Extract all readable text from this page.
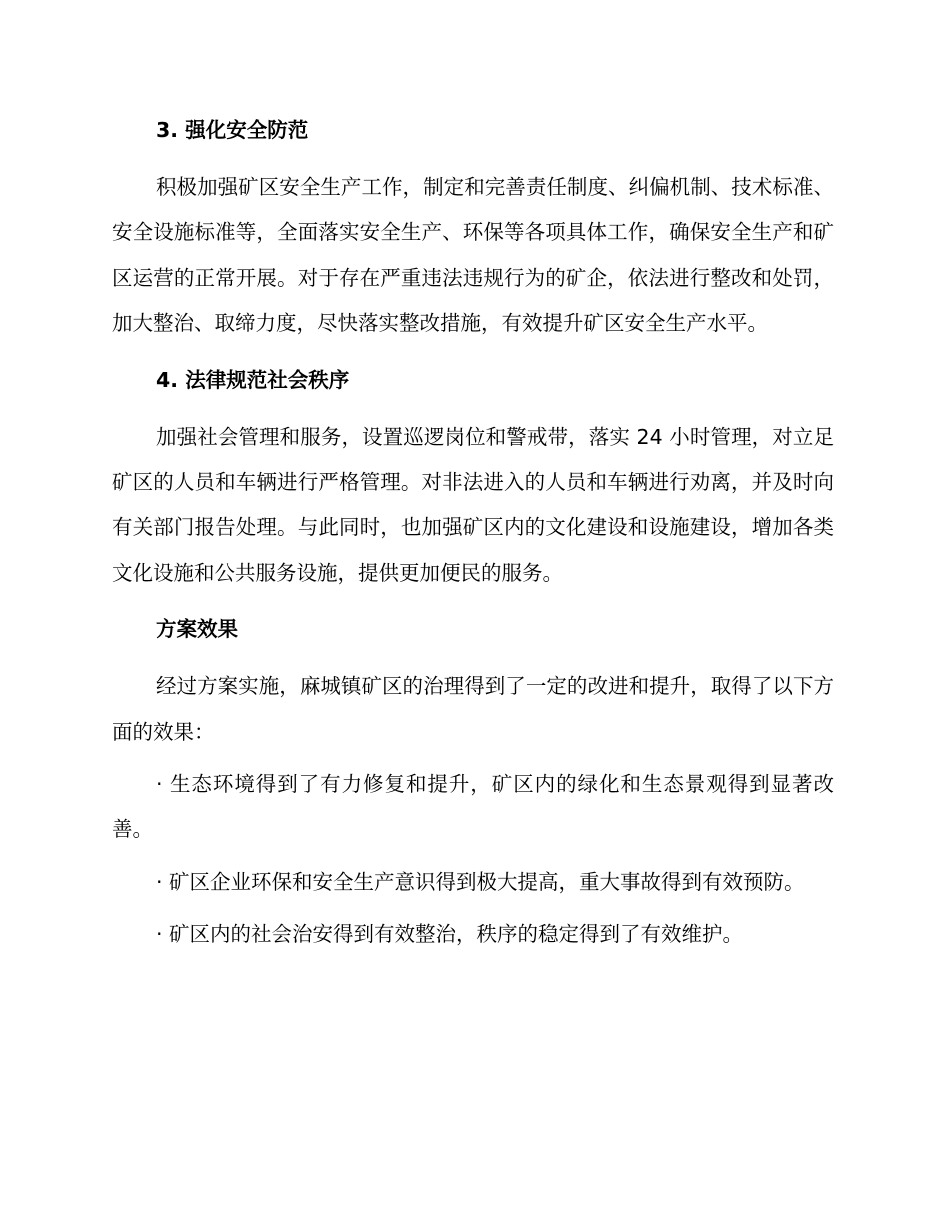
3. 强化安全防范

积极加强矿区安全生产工作，制定和完善责任制度、纠偏机制、技术标准、安全设施标准等，全面落实安全生产、环保等各项具体工作，确保安全生产和矿区运营的正常开展。对于存在严重违法违规行为的矿企，依法进行整改和处罚，加大整治、取缔力度，尽快落实整改措施，有效提升矿区安全生产水平。

4. 法律规范社会秩序

加强社会管理和服务，设置巡逻岗位和警戒带，落实 24 小时管理，对立足矿区的人员和车辆进行严格管理。对非法进入的人员和车辆进行劝离，并及时向有关部门报告处理。与此同时，也加强矿区内的文化建设和设施建设，增加各类文化设施和公共服务设施，提供更加便民的服务。

方案效果

经过方案实施，麻城镇矿区的治理得到了一定的改进和提升，取得了以下方面的效果：

· 生态环境得到了有力修复和提升，矿区内的绿化和生态景观得到显著改善。

· 矿区企业环保和安全生产意识得到极大提高，重大事故得到有效预防。

· 矿区内的社会治安得到有效整治，秩序的稳定得到了有效维护。
